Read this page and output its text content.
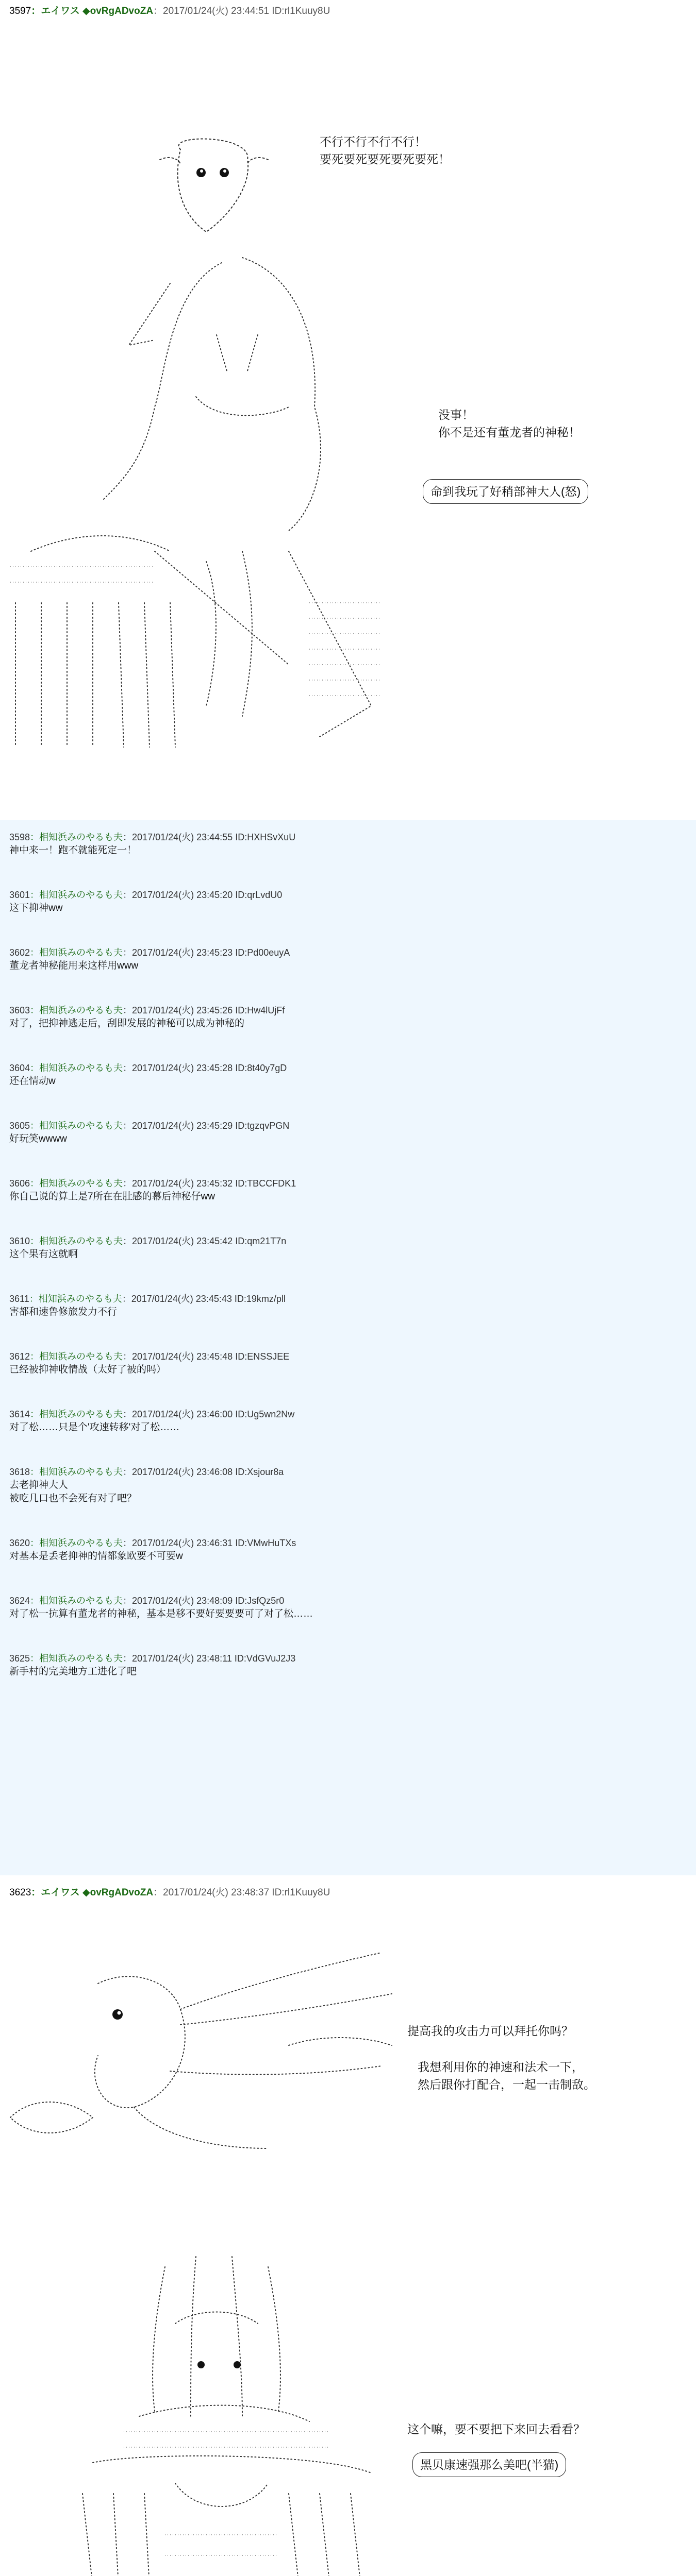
3597：エイワス ◆ovRgADvoZA：2017/01/24(火) 23:44:51 ID:rl1Kuuy8U
不行不行不行不行！
要死要死要死要死要死！
没事！
你不是还有董龙者的神秘！
命到我玩了好稍部神大人(怒)
3598：相知浜みのやるも夫：2017/01/24(火) 23:44:55 ID:HXHSvXuU
神中来一！跑不就能死定一！
3601：相知浜みのやるも夫：2017/01/24(火) 23:45:20 ID:qrLvdU0
这下抑神ww
3602：相知浜みのやるも夫：2017/01/24(火) 23:45:23 ID:Pd00euyA
董龙者神秘能用来这样用www
3603：相知浜みのやるも夫：2017/01/24(火) 23:45:26 ID:Hw4lUjFf
对了，把抑神逃走后，刮即发展的神秘可以成为神秘的
3604：相知浜みのやるも夫：2017/01/24(火) 23:45:28 ID:8t40y7gD
还在情动w
3605：相知浜みのやるも夫：2017/01/24(火) 23:45:29 ID:tgzqvPGN
好玩笑wwww
3606：相知浜みのやるも夫：2017/01/24(火) 23:45:32 ID:TBCCFDK1
你自己说的算上是7所在在肚感的幕后神秘仔ww
3610：相知浜みのやるも夫：2017/01/24(火) 23:45:42 ID:qm21T7n
这个果有这就啊
3611：相知浜みのやるも夫：2017/01/24(火) 23:45:43 ID:19kmz/pll
害都和速鲁修旅发力不行
3612：相知浜みのやるも夫：2017/01/24(火) 23:45:48 ID:ENSSJEE
已经被抑神收情战（太好了被的吗）
3614：相知浜みのやるも夫：2017/01/24(火) 23:46:00 ID:Ug5wn2Nw
对了松……只是个'攻速转移'对了松……
3618：相知浜みのやるも夫：2017/01/24(火) 23:46:08 ID:Xsjour8a
去老抑神大人
被吃几口也不会死有对了吧？
3620：相知浜みのやるも夫：2017/01/24(火) 23:46:31 ID:VMwHuTXs
对基本是丢老抑神的情都象欧要不可要w
3624：相知浜みのやるも夫：2017/01/24(火) 23:48:09 ID:JsfQz5r0
对了松一抗算有董龙者的神秘，基本是移不要好要要要可了对了松……
3625：相知浜みのやるも夫：2017/01/24(火) 23:48:11 ID:VdGVuJ2J3
新手村的完美地方工进化了吧
3623：エイワス ◆ovRgADvoZA：2017/01/24(火) 23:48:37 ID:rl1Kuuy8U
提高我的攻击力可以拜托你吗？
我想利用你的神速和法术一下，
然后跟你打配合，一起一击制敌。
这个嘛，要不要把下来回去看看？
黑贝康速强那么美吧(半猫)
